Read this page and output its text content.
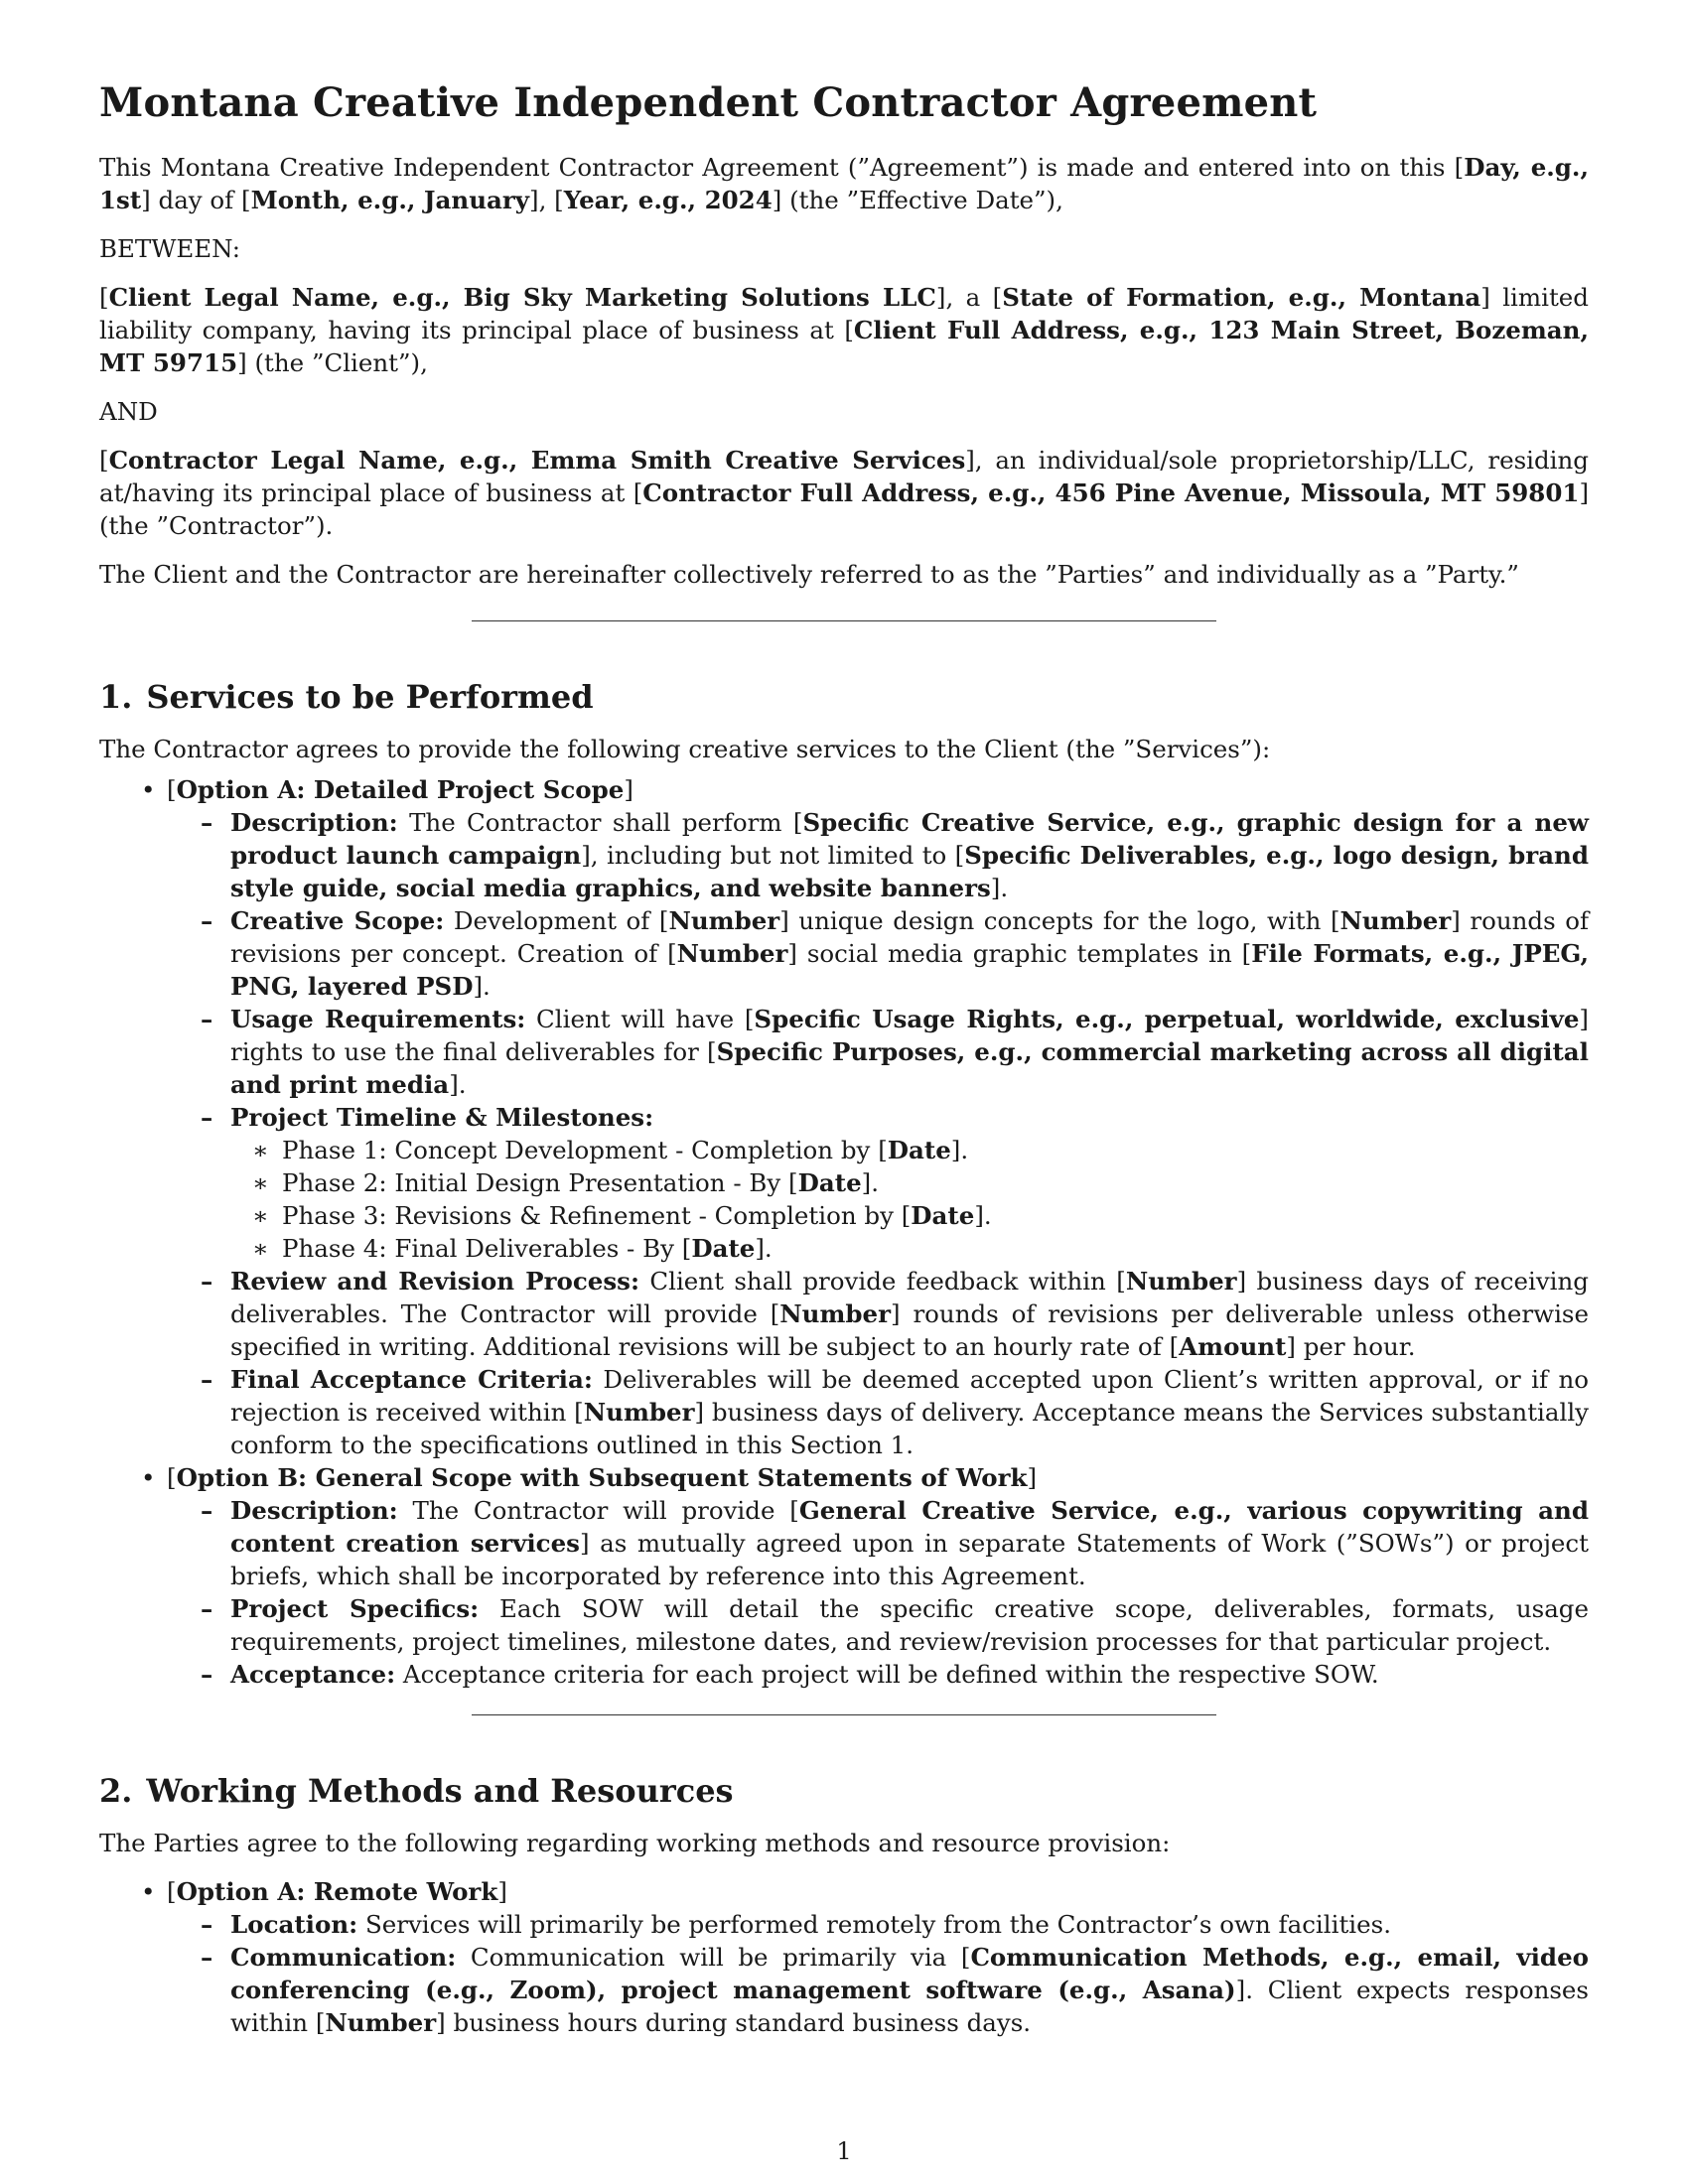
Montana Creative Independent Contractor Agreement

This Montana Creative Independent Contractor Agreement (”Agreement”) is made and entered into on this [Day, e.g., 1st] day of [Month, e.g., January], [Year, e.g., 2024] (the ”Effective Date”),

BETWEEN:

[Client Legal Name, e.g., Big Sky Marketing Solutions LLC], a [State of Formation, e.g., Montana] limited liability company, having its principal place of business at [Client Full Address, e.g., 123 Main Street, Bozeman, MT 59715] (the ”Client”),

AND

[Contractor Legal Name, e.g., Emma Smith Creative Services], an individual/sole proprietorship/LLC, residing at/having its principal place of business at [Contractor Full Address, e.g., 456 Pine Avenue, Missoula, MT 59801] (the ”Contractor”).

The Client and the Contractor are hereinafter collectively referred to as the ”Parties” and individually as a ”Party.”

1. Services to be Performed

The Contractor agrees to provide the following creative services to the Client (the ”Services”):

• [Option A: Detailed Project Scope]
– Description: The Contractor shall perform [Specific Creative Service, e.g., graphic design for a new product launch campaign], including but not limited to [Specific Deliverables, e.g., logo design, brand style guide, social media graphics, and website banners].
– Creative Scope: Development of [Number] unique design concepts for the logo, with [Number] rounds of revisions per concept. Creation of [Number] social media graphic templates in [File Formats, e.g., JPEG, PNG, layered PSD].
– Usage Requirements: Client will have [Specific Usage Rights, e.g., perpetual, worldwide, exclusive] rights to use the final deliverables for [Specific Purposes, e.g., commercial marketing across all digital and print media].
– Project Timeline & Milestones:
∗ Phase 1: Concept Development - Completion by [Date].
∗ Phase 2: Initial Design Presentation - By [Date].
∗ Phase 3: Revisions & Refinement - Completion by [Date].
∗ Phase 4: Final Deliverables - By [Date].
– Review and Revision Process: Client shall provide feedback within [Number] business days of receiving deliverables. The Contractor will provide [Number] rounds of revisions per deliverable unless otherwise specified in writing. Additional revisions will be subject to an hourly rate of [Amount] per hour.
– Final Acceptance Criteria: Deliverables will be deemed accepted upon Client’s written approval, or if no rejection is received within [Number] business days of delivery. Acceptance means the Services substantially conform to the specifications outlined in this Section 1.
• [Option B: General Scope with Subsequent Statements of Work]
– Description: The Contractor will provide [General Creative Service, e.g., various copywriting and content creation services] as mutually agreed upon in separate Statements of Work (”SOWs”) or project briefs, which shall be incorporated by reference into this Agreement.
– Project Specifics: Each SOW will detail the specific creative scope, deliverables, formats, usage requirements, project timelines, milestone dates, and review/revision processes for that particular project.
– Acceptance: Acceptance criteria for each project will be defined within the respective SOW.
2. Working Methods and Resources

The Parties agree to the following regarding working methods and resource provision:

• [Option A: Remote Work]
– Location: Services will primarily be performed remotely from the Contractor’s own facilities.
– Communication: Communication will be primarily via [Communication Methods, e.g., email, video conferencing (e.g., Zoom), project management software (e.g., Asana)]. Client expects responses within [Number] business hours during standard business days.
1
